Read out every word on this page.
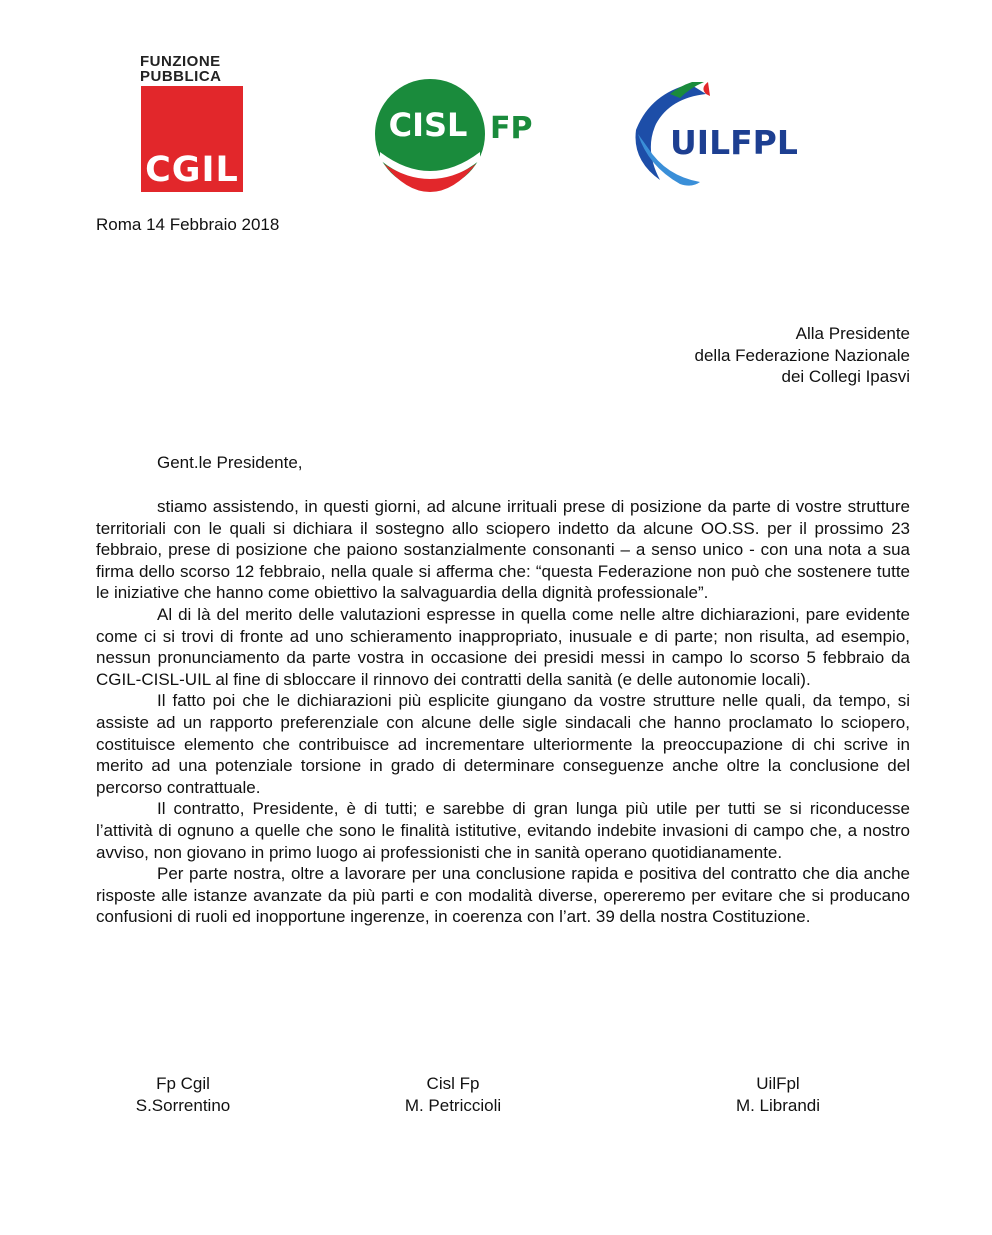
FUNZIONE PUBBLICA
CGIL
CISL FP	UILFPL
Roma 14 Febbraio 2018
Alla Presidente
della Federazione Nazionale
dei Collegi Ipasvi
Gent.le Presidente,

stiamo assistendo, in questi giorni, ad alcune irrituali prese di posizione da parte di vostre strutture territoriali con le quali si dichiara il sostegno allo sciopero indetto da alcune OO.SS. per il prossimo 23 febbraio, prese di posizione che paiono sostanzialmente consonanti – a senso unico - con una nota a sua firma dello scorso 12 febbraio, nella quale si afferma che: “questa Federazione non può che sostenere tutte le iniziative che hanno come obiettivo la salvaguardia della dignità professionale”.

Al di là del merito delle valutazioni espresse in quella come nelle altre dichiarazioni, pare evidente come ci si trovi di fronte ad uno schieramento inappropriato, inusuale e di parte; non risulta, ad esempio, nessun pronunciamento da parte vostra in occasione dei presidi messi in campo lo scorso 5 febbraio da CGIL-CISL-UIL al fine di sbloccare il rinnovo dei contratti della sanità (e delle autonomie locali).

Il fatto poi che le dichiarazioni più esplicite giungano da vostre strutture nelle quali, da tempo, si assiste ad un rapporto preferenziale con alcune delle sigle sindacali che hanno proclamato lo sciopero, costituisce elemento che contribuisce ad incrementare ulteriormente la preoccupazione di chi scrive in merito ad una potenziale torsione in grado di determinare conseguenze anche oltre la conclusione del percorso contrattuale.

Il contratto, Presidente, è di tutti; e sarebbe di gran lunga più utile per tutti se si riconducesse l’attività di ognuno a quelle che sono le finalità istitutive, evitando indebite invasioni di campo che, a nostro avviso, non giovano in primo luogo ai professionisti che in sanità operano quotidianamente.

Per parte nostra, oltre a lavorare per una conclusione rapida e positiva del contratto che dia anche risposte alle istanze avanzate da più parti e con modalità diverse, opereremo per evitare che si producano confusioni di ruoli ed inopportune ingerenze, in coerenza con l’art. 39 della nostra Costituzione.

Fp Cgil
S.Sorrentino
Cisl Fp
M. Petriccioli
UilFpl
M. Librandi
